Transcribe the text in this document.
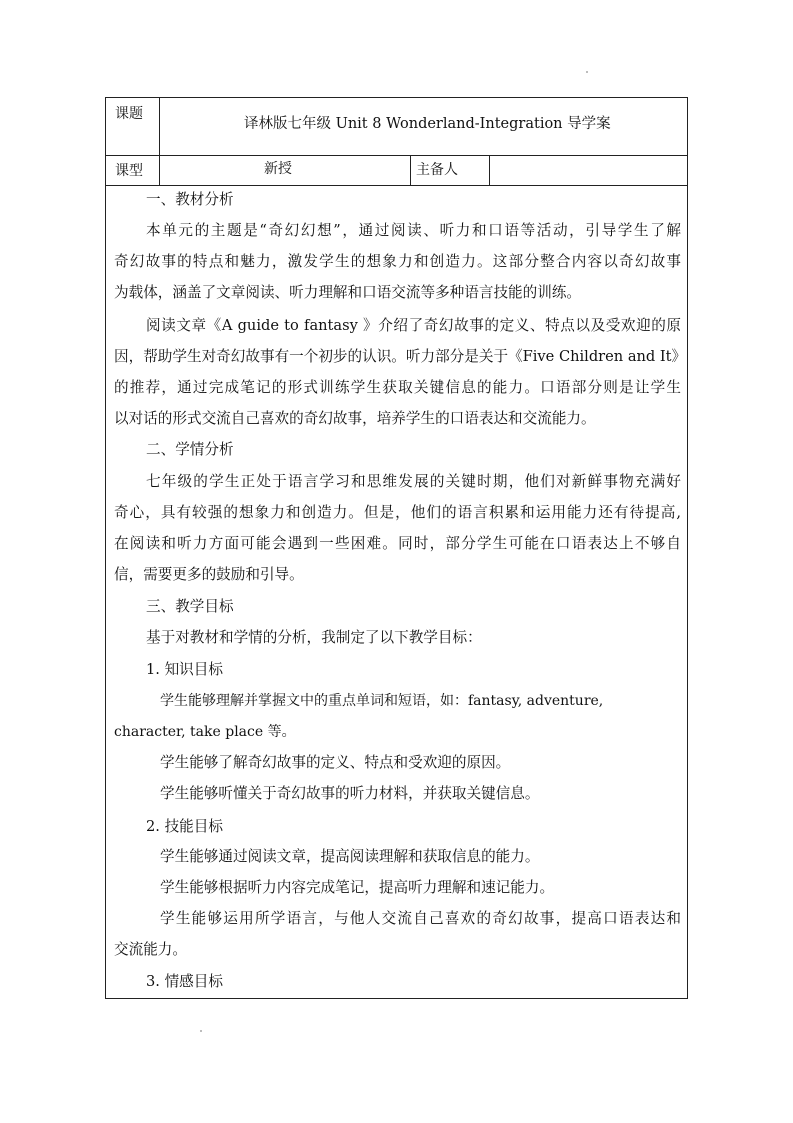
课题
译林版七年级 Unit 8 Wonderland-Integration 导学案
课型	新授	主备人
一、教材分析
本单元的主题是“奇幻幻想”，通过阅读、听力和口语等活动，引导学生了解
奇幻故事的特点和魅力，激发学生的想象力和创造力。这部分整合内容以奇幻故事
为载体，涵盖了文章阅读、听力理解和口语交流等多种语言技能的训练。
阅读文章《A guide to fantasy 》介绍了奇幻故事的定义、特点以及受欢迎的原
因，帮助学生对奇幻故事有一个初步的认识。听力部分是关于《Five Children and It》
的推荐，通过完成笔记的形式训练学生获取关键信息的能力。口语部分则是让学生
以对话的形式交流自己喜欢的奇幻故事，培养学生的口语表达和交流能力。
二、学情分析
七年级的学生正处于语言学习和思维发展的关键时期，他们对新鲜事物充满好
奇心，具有较强的想象力和创造力。但是，他们的语言积累和运用能力还有待提高,
在阅读和听力方面可能会遇到一些困难。同时，部分学生可能在口语表达上不够自
信，需要更多的鼓励和引导。
三、教学目标
基于对教材和学情的分析，我制定了以下教学目标：
1. 知识目标
学生能够理解并掌握文中的重点单词和短语，如：fantasy, adventure,
character, take place 等。
学生能够了解奇幻故事的定义、特点和受欢迎的原因。
学生能够听懂关于奇幻故事的听力材料，并获取关键信息。
2. 技能目标
学生能够通过阅读文章，提高阅读理解和获取信息的能力。
学生能够根据听力内容完成笔记，提高听力理解和速记能力。
学生能够运用所学语言，与他人交流自己喜欢的奇幻故事，提高口语表达和
交流能力。
3. 情感目标
